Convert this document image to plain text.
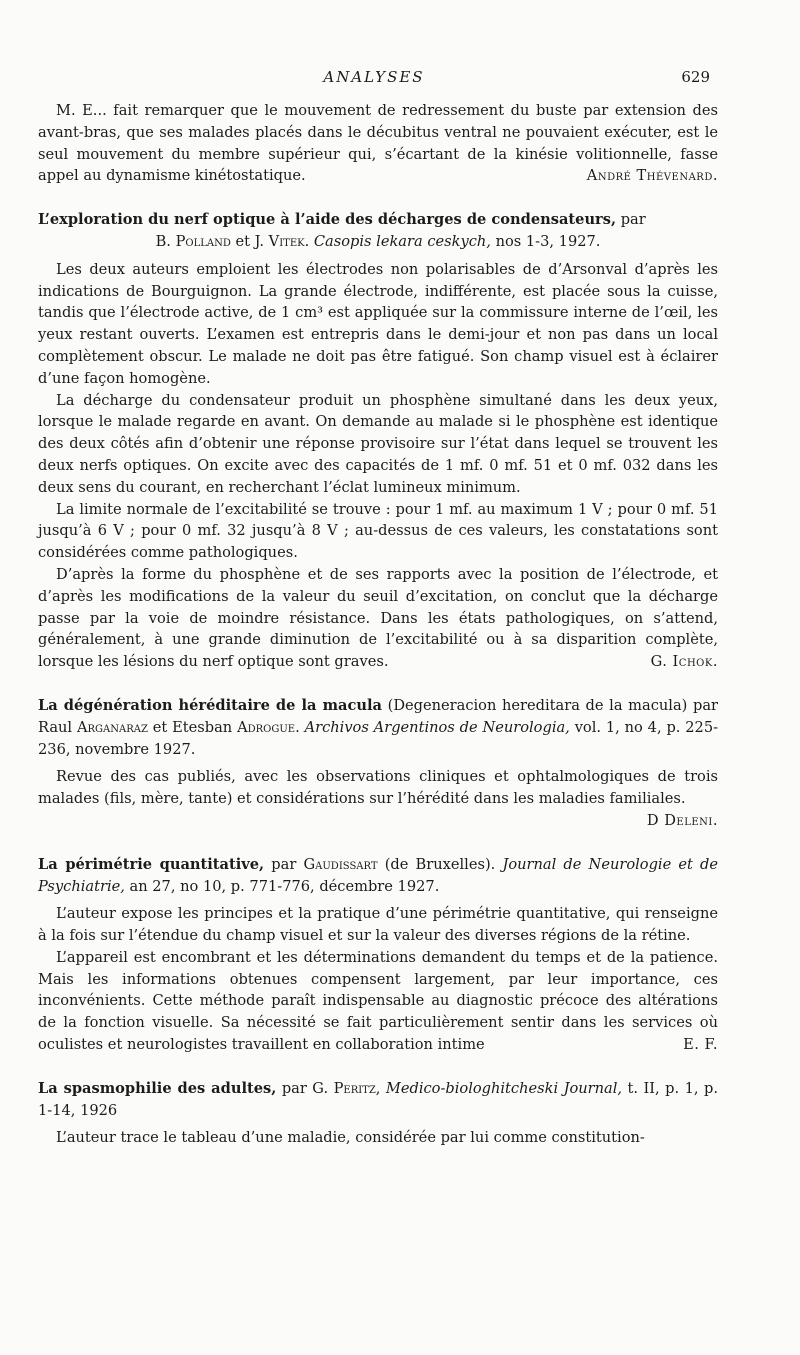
ANALYSES	629

M. E... fait remarquer que le mouvement de redressement du buste par extension des avant-bras, que ses malades placés dans le décubitus ventral ne pouvaient exécuter, est le seul mouvement du membre supérieur qui, s’écartant de la kinésie volitionnelle, fasse appel au dynamisme kinétostatique.	André Thévenard.

L’exploration du nerf optique à l’aide des décharges de condensateurs, par
B. Polland et J. Vitek. Casopis lekara ceskych, nos 1-3, 1927.

Les deux auteurs emploient les électrodes non polarisables de d’Arsonval d’après les indications de Bourguignon. La grande électrode, indifférente, est placée sous la cuisse, tandis que l’électrode active, de 1 cm³ est appliquée sur la commissure interne de l’œil, les yeux restant ouverts. L’examen est entrepris dans le demi-jour et non pas dans un local complètement obscur. Le malade ne doit pas être fatigué. Son champ visuel est à éclairer d’une façon homogène.

La décharge du condensateur produit un phosphène simultané dans les deux yeux, lorsque le malade regarde en avant. On demande au malade si le phosphène est identique des deux côtés afin d’obtenir une réponse provisoire sur l’état dans lequel se trouvent les deux nerfs optiques. On excite avec des capacités de 1 mf. 0 mf. 51 et 0 mf. 032 dans les deux sens du courant, en recherchant l’éclat lumineux minimum.

La limite normale de l’excitabilité se trouve : pour 1 mf. au maximum 1 V ; pour 0 mf. 51 jusqu’à 6 V ; pour 0 mf. 32 jusqu’à 8 V ; au-dessus de ces valeurs, les constatations sont considérées comme pathologiques.

D’après la forme du phosphène et de ses rapports avec la position de l’électrode, et d’après les modifications de la valeur du seuil d’excitation, on conclut que la décharge passe par la voie de moindre résistance. Dans les états pathologiques, on s’attend, généralement, à une grande diminution de l’excitabilité ou à sa disparition complète, lorsque les lésions du nerf optique sont graves.	G. Ichok.

La dégénération héréditaire de la macula (Degeneracion hereditara de la macula) par Raul Arganaraz et Etesban Adrogue. Archivos Argentinos de Neurologia, vol. 1, no 4, p. 225-236, novembre 1927.

Revue des cas publiés, avec les observations cliniques et ophtalmologiques de trois malades (fils, mère, tante) et considérations sur l’hérédité dans les maladies familiales.
D Deleni.

La périmétrie quantitative, par Gaudissart (de Bruxelles). Journal de Neurologie et de Psychiatrie, an 27, no 10, p. 771-776, décembre 1927.

L’auteur expose les principes et la pratique d’une périmétrie quantitative, qui renseigne à la fois sur l’étendue du champ visuel et sur la valeur des diverses régions de la rétine.

L’appareil est encombrant et les déterminations demandent du temps et de la patience. Mais les informations obtenues compensent largement, par leur importance, ces inconvénients. Cette méthode paraît indispensable au diagnostic précoce des altérations de la fonction visuelle. Sa nécessité se fait particulièrement sentir dans les services où oculistes et neurologistes travaillent en collaboration intime	E. F.

La spasmophilie des adultes, par G. Peritz, Medico-biologhitcheski Journal, t. II, p. 1, p. 1-14, 1926

L’auteur trace le tableau d’une maladie, considérée par lui comme constitution-
